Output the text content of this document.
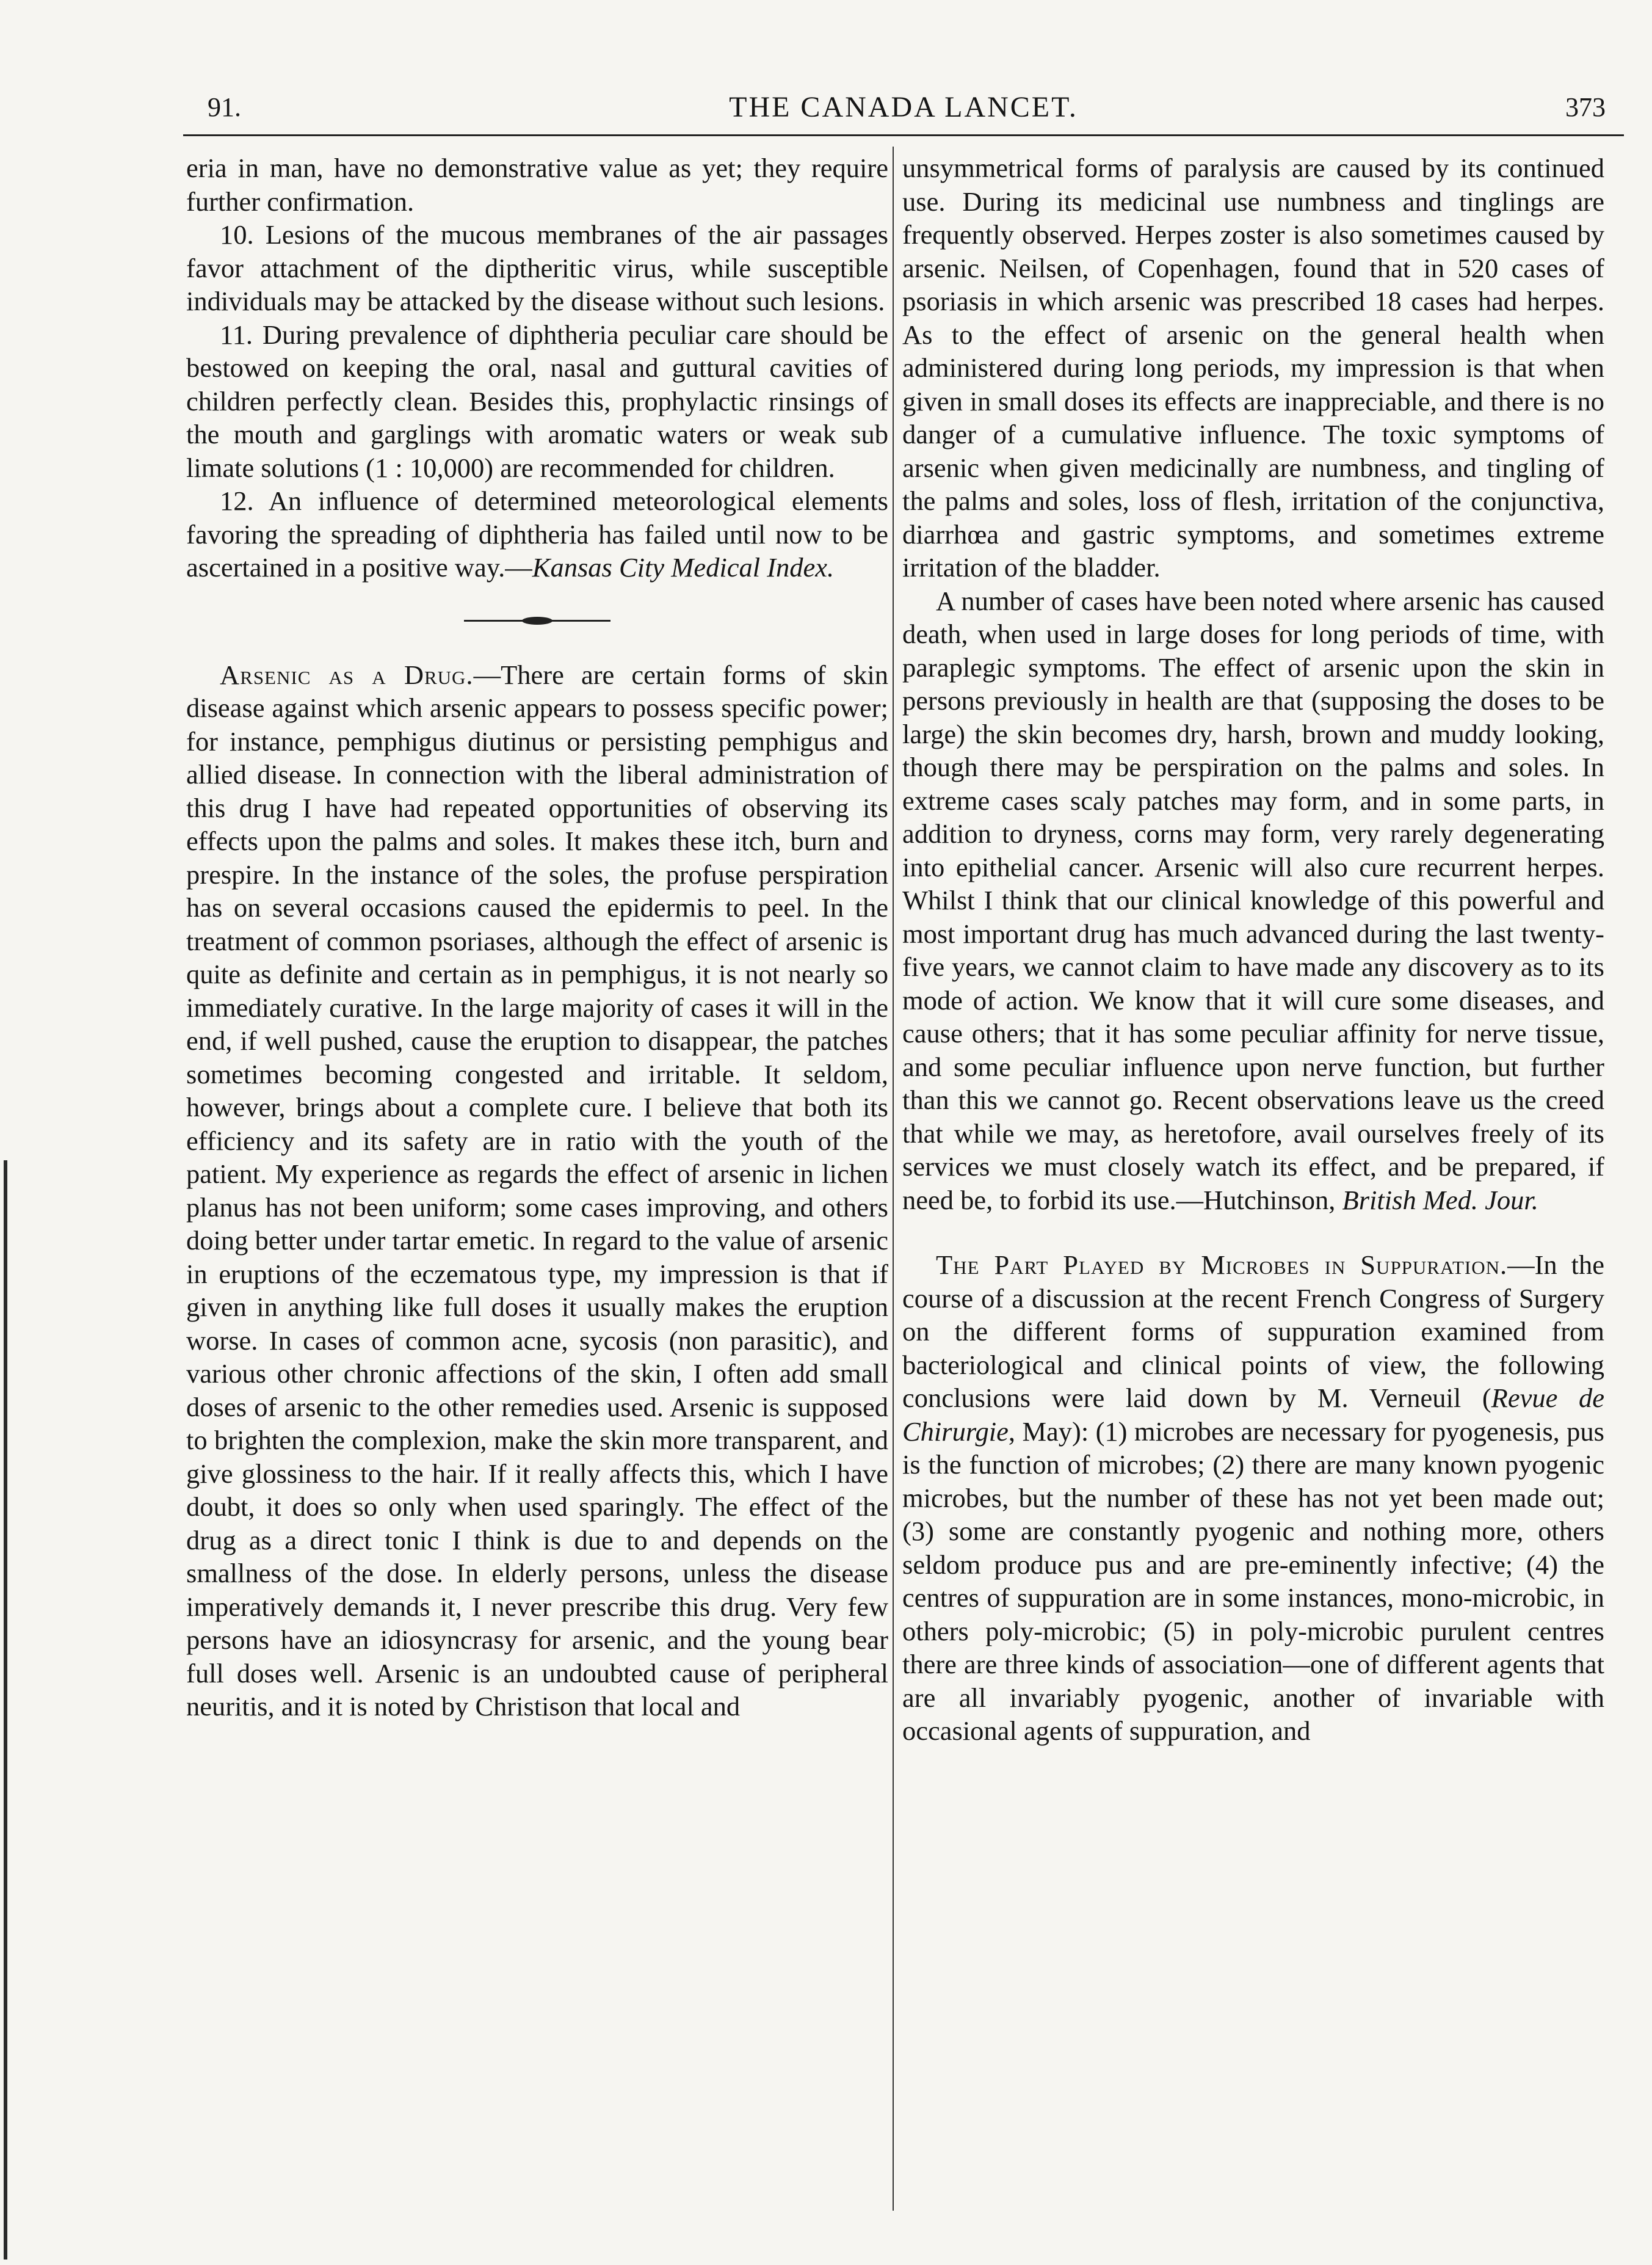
91.	THE CANADA LANCET.	373

eria in man, have no demonstrative value as yet; they require further confirmation.

10. Lesions of the mucous membranes of the air passages favor attachment of the diptheritic virus, while susceptible individuals may be attacked by the disease without such lesions.

11. During prevalence of diphtheria peculiar care should be bestowed on keeping the oral, nasal and guttural cavities of children perfectly clean. Besides this, prophylactic rinsings of the mouth and garglings with aromatic waters or weak sub limate solutions (1 : 10,000) are recommended for children.

12. An influence of determined meteorological elements favoring the spreading of diphtheria has failed until now to be ascertained in a positive way.—Kansas City Medical Index.

Arsenic as a Drug.—There are certain forms of skin disease against which arsenic appears to possess specific power; for instance, pemphigus diutinus or persisting pemphigus and allied disease. In connection with the liberal administration of this drug I have had repeated opportunities of observing its effects upon the palms and soles. It makes these itch, burn and prespire. In the instance of the soles, the profuse perspiration has on several occasions caused the epidermis to peel. In the treatment of common psoriases, although the effect of arsenic is quite as definite and certain as in pemphigus, it is not nearly so immediately curative. In the large majority of cases it will in the end, if well pushed, cause the eruption to disappear, the patches sometimes becoming congested and irritable. It seldom, however, brings about a complete cure. I believe that both its efficiency and its safety are in ratio with the youth of the patient. My experience as regards the effect of arsenic in lichen planus has not been uniform; some cases improving, and others doing better under tartar emetic. In regard to the value of arsenic in eruptions of the eczematous type, my impression is that if given in anything like full doses it usually makes the eruption worse. In cases of common acne, sycosis (non parasitic), and various other chronic affections of the skin, I often add small doses of arsenic to the other remedies used. Arsenic is supposed to brighten the complexion, make the skin more transparent, and give glossiness to the hair. If it really affects this, which I have doubt, it does so only when used sparingly. The effect of the drug as a direct tonic I think is due to and depends on the smallness of the dose. In elderly persons, unless the disease imperatively demands it, I never prescribe this drug. Very few persons have an idiosyncrasy for arsenic, and the young bear full doses well. Arsenic is an undoubted cause of peripheral neuritis, and it is noted by Christison that local and

unsymmetrical forms of paralysis are caused by its continued use. During its medicinal use numbness and tinglings are frequently observed. Herpes zoster is also sometimes caused by arsenic. Neilsen, of Copenhagen, found that in 520 cases of psoriasis in which arsenic was prescribed 18 cases had herpes. As to the effect of arsenic on the general health when administered during long periods, my impression is that when given in small doses its effects are inappreciable, and there is no danger of a cumulative influence. The toxic symptoms of arsenic when given medicinally are numbness, and tingling of the palms and soles, loss of flesh, irritation of the conjunctiva, diarrhœa and gastric symptoms, and sometimes extreme irritation of the bladder.

A number of cases have been noted where arsenic has caused death, when used in large doses for long periods of time, with paraplegic symptoms. The effect of arsenic upon the skin in persons previously in health are that (supposing the doses to be large) the skin becomes dry, harsh, brown and muddy looking, though there may be perspiration on the palms and soles. In extreme cases scaly patches may form, and in some parts, in addition to dryness, corns may form, very rarely degenerating into epithelial cancer. Arsenic will also cure recurrent herpes. Whilst I think that our clinical knowledge of this powerful and most important drug has much advanced during the last twenty-five years, we cannot claim to have made any discovery as to its mode of action. We know that it will cure some diseases, and cause others; that it has some peculiar affinity for nerve tissue, and some peculiar influence upon nerve function, but further than this we cannot go. Recent observations leave us the creed that while we may, as heretofore, avail ourselves freely of its services we must closely watch its effect, and be prepared, if need be, to forbid its use.—Hutchinson, British Med. Jour.

The Part Played by Microbes in Suppuration.—In the course of a discussion at the recent French Congress of Surgery on the different forms of suppuration examined from bacteriological and clinical points of view, the following conclusions were laid down by M. Verneuil (Revue de Chirurgie, May): (1) microbes are necessary for pyogenesis, pus is the function of microbes; (2) there are many known pyogenic microbes, but the number of these has not yet been made out; (3) some are constantly pyogenic and nothing more, others seldom produce pus and are pre-eminently infective; (4) the centres of suppuration are in some instances, mono-microbic, in others poly-microbic; (5) in poly-microbic purulent centres there are three kinds of association—one of different agents that are all invariably pyogenic, another of invariable with occasional agents of suppuration, and
